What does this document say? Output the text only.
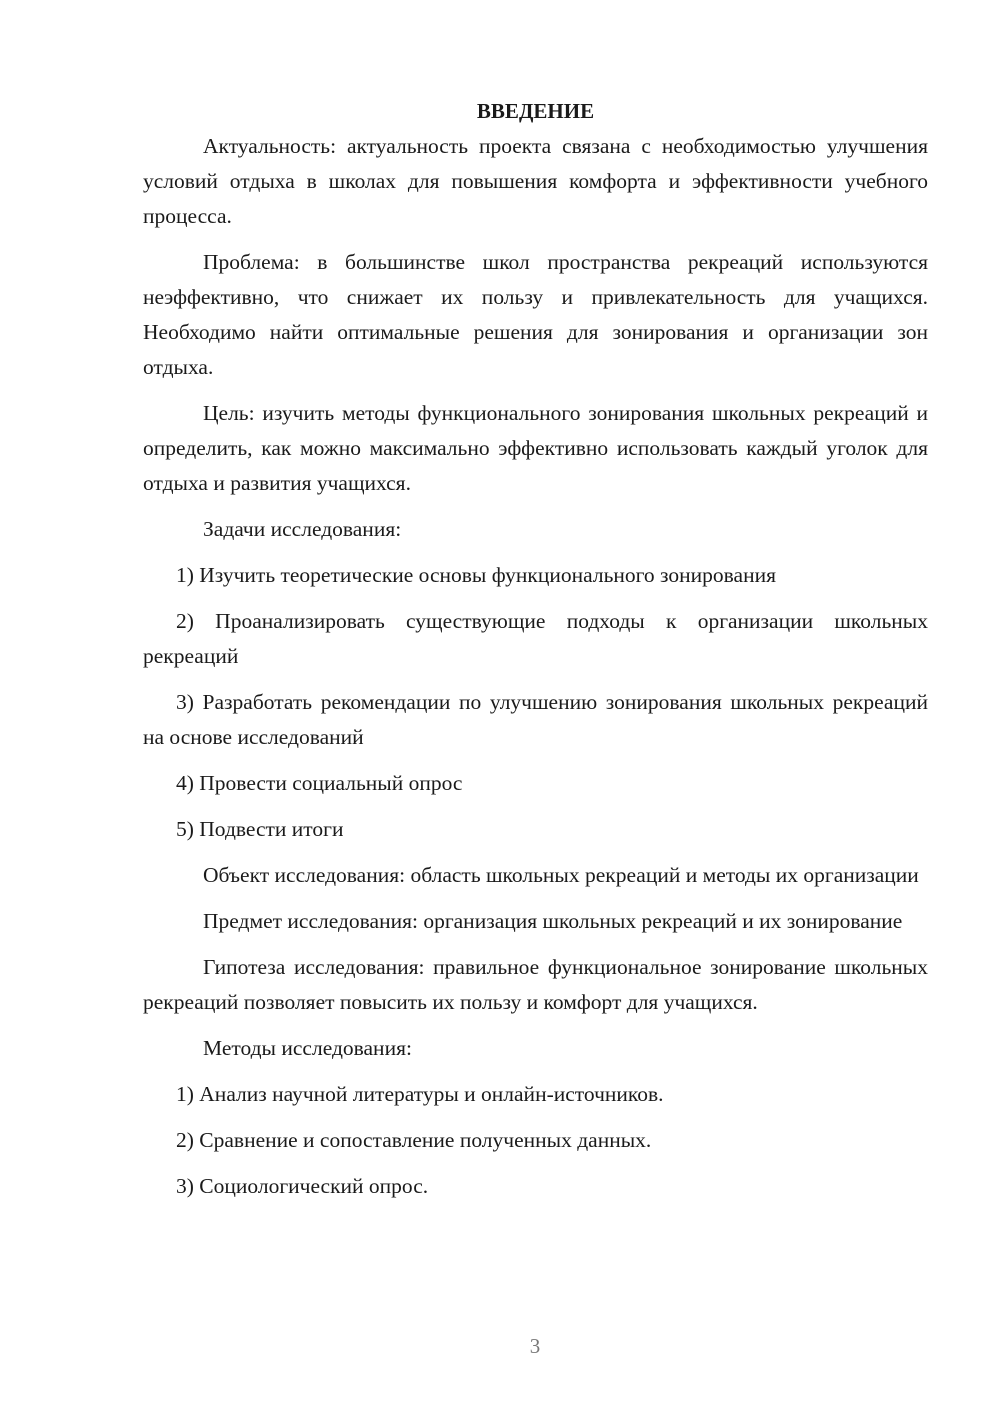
ВВЕДЕНИЕ

Актуальность: актуальность проекта связана с необходимостью улучшения условий отдыха в школах для повышения комфорта и эффективности учебного процесса.

Проблема: в большинстве школ пространства рекреаций используются неэффективно, что снижает их пользу и привлекательность для учащихся. Необходимо найти оптимальные решения для зонирования и организации зон отдыха.

Цель: изучить методы функционального зонирования школьных рекреаций и определить, как можно максимально эффективно использовать каждый уголок для отдыха и развития учащихся.

Задачи исследования:

1) Изучить теоретические основы функционального зонирования

2) Проанализировать существующие подходы к организации школьных рекреаций

3) Разработать рекомендации по улучшению зонирования школьных рекреаций на основе исследований

4) Провести социальный опрос

5) Подвести итоги

Объект исследования: область школьных рекреаций и методы их организации

Предмет исследования: организация школьных рекреаций и их зонирование

Гипотеза исследования: правильное функциональное зонирование школьных рекреаций позволяет повысить их пользу и комфорт для учащихся.

Методы исследования:

1) Анализ научной литературы и онлайн-источников.

2) Сравнение и сопоставление полученных данных.

3) Социологический опрос.

3
